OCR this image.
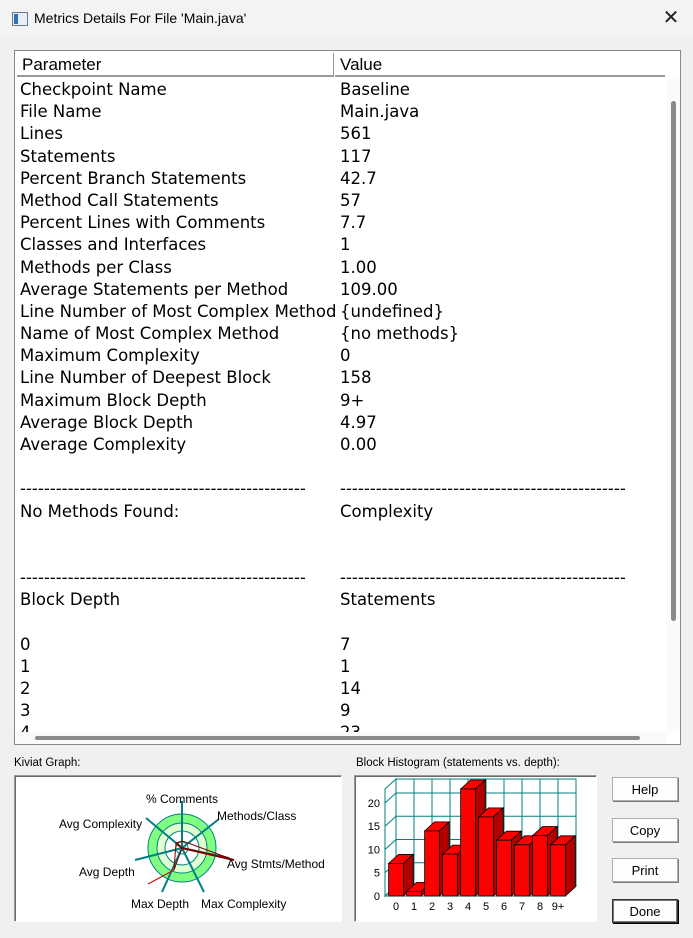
Metrics Details For File 'Main.java'	✕
Parameter	Value
Checkpoint Name	Baseline
File Name	Main.java
Lines	561
Statements	117
Percent Branch Statements	42.7
Method Call Statements	57
Percent Lines with Comments	7.7
Classes and Interfaces	1
Methods per Class	1.00
Average Statements per Method	109.00
Line Number of Most Complex Method {undefined}
Name of Most Complex Method	{no methods}
Maximum Complexity	0
Line Number of Deepest Block	158
Maximum Block Depth	9+
Average Block Depth	4.97
Average Complexity	0.00
------------------------------------------------ ------------------------------------------------
No Methods Found:	Complexity
------------------------------------------------ ------------------------------------------------
Block Depth	Statements
0	7
1	1
2	14
3	9
Kiviat Graph:
% Comments
Methods/Class
Avg Stmts/Method
Max Complexity
Max Depth
Avg Depth
Avg Complexity
Block Histogram (statements vs. depth):
0
5
10
15
20
0 1 2 3 4 5 6 7 8 9+
Help
Copy
Print
Done
